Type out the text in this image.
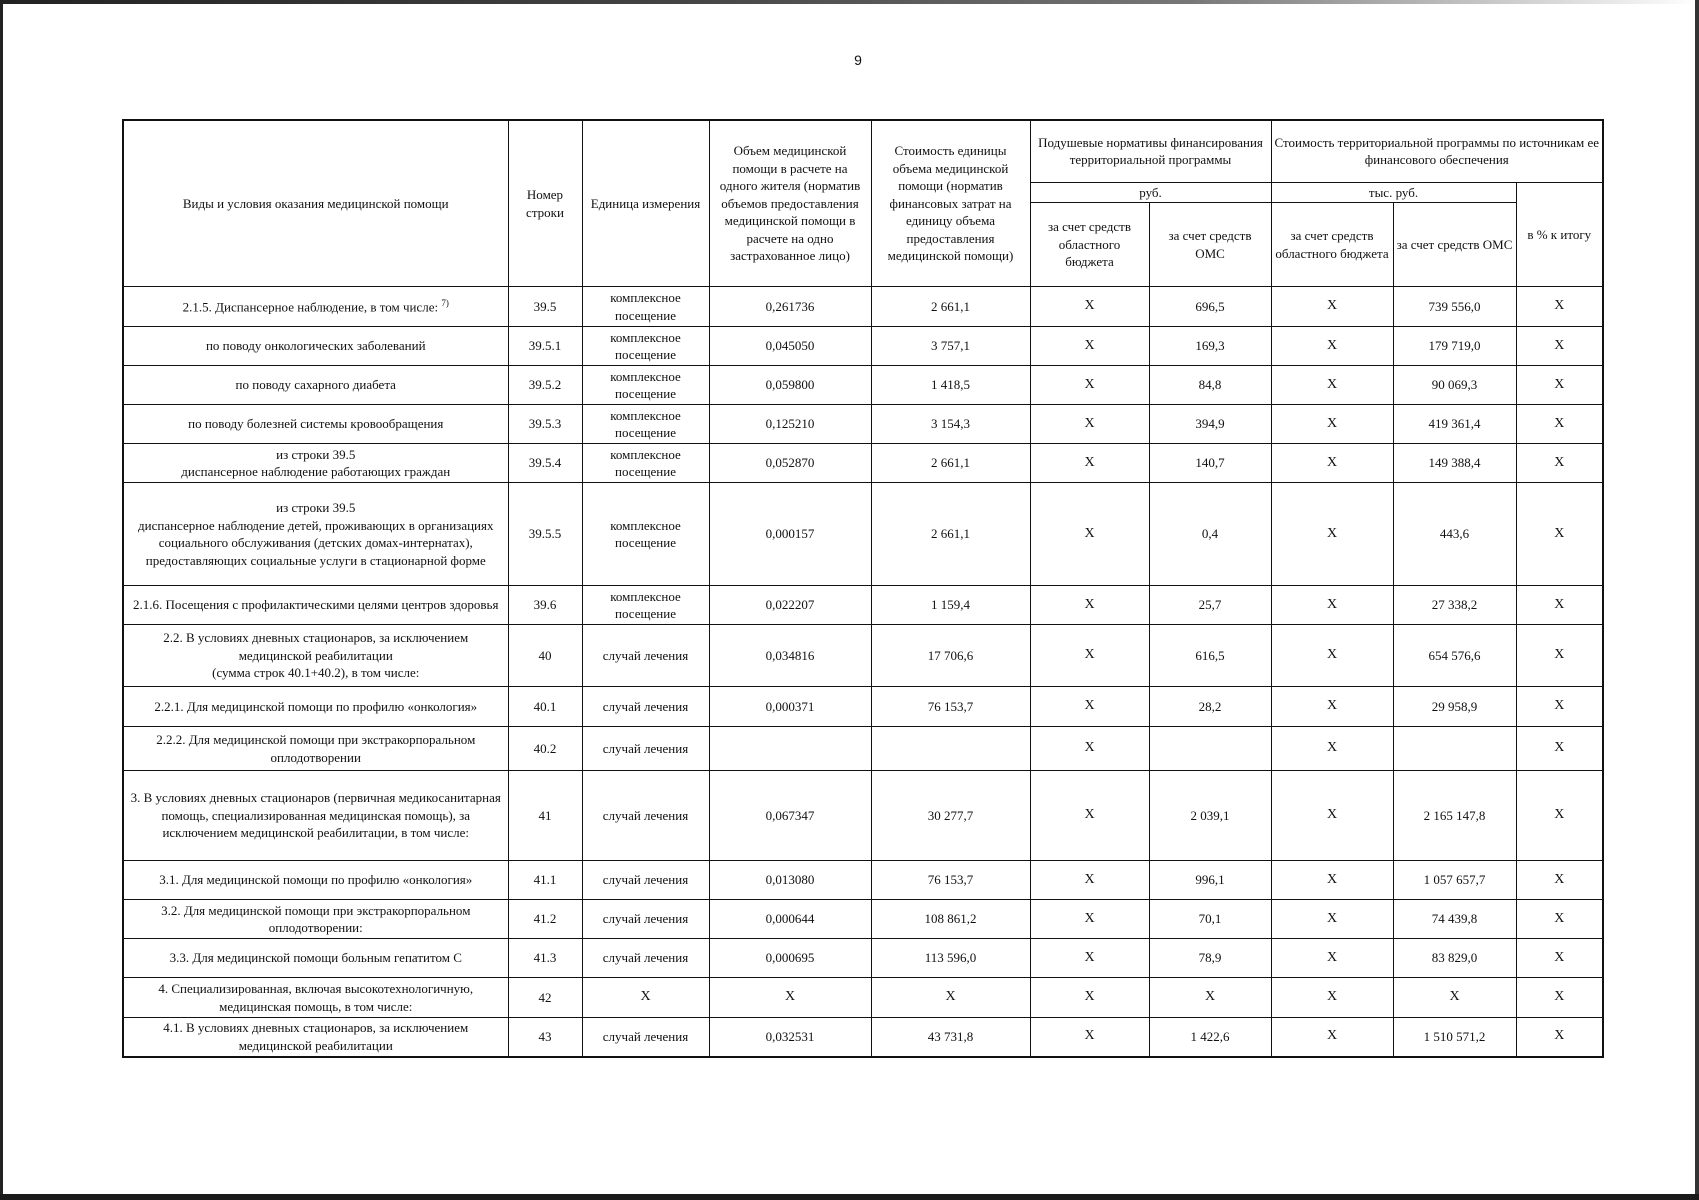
9
Виды и условия оказания медицинской помощи	Номер строки	Единица измерения	Объем медицинской помощи в расчете на одного жителя (норматив объемов предоставления медицинской помощи в расчете на одно застрахованное лицо)	Стоимость единицы объема медицинской помощи (норматив финансовых затрат на единицу объема предоставления медицинской помощи)	Подушевые нормативы финансирования территориальной программы		Стоимость территориальной программы по источникам ее финансового обеспечения		
					руб.		тыс. руб.		в % к итогу
					за счет средств областного бюджета	за счет средств ОМС	за счет средств областного бюджета	за счет средств ОМС	
2.1.5. Диспансерное наблюдение, в том числе: $^{7)}$	39.5	комплексное посещение	0,261736	2 661,1	X	696,5	X	739 556,0	X
по поводу онкологических заболеваний	39.5.1	комплексное посещение	0,045050	3 757,1	X	169,3	X	179 719,0	X
по поводу сахарного диабета	39.5.2	комплексное посещение	0,059800	1 418,5	X	84,8	X	90 069,3	X
по поводу болезней системы кровообращения	39.5.3	комплексное посещение	0,125210	3 154,3	X	394,9	X	419 361,4	X
из строки 39.5
диспансерное наблюдение работающих граждан	39.5.4	комплексное посещение	0,052870	2 661,1	X	140,7	X	149 388,4	X
из строки 39.5
диспансерное наблюдение детей, проживающих в организациях социального обслуживания (детских домах-интернатах), предоставляющих социальные услуги в стационарной форме	39.5.5	комплексное посещение	0,000157	2 661,1	X	0,4	X	443,6	X
2.1.6. Посещения с профилактическими целями центров здоровья	39.6	комплексное посещение	0,022207	1 159,4	X	25,7	X	27 338,2	X
2.2. В условиях дневных стационаров, за исключением медицинской реабилитации
(сумма строк 40.1+40.2), в том числе:	40	случай лечения	0,034816	17 706,6	X	616,5	X	654 576,6	X
2.2.1. Для медицинской помощи по профилю «онкология»	40.1	случай лечения	0,000371	76 153,7	X	28,2	X	29 958,9	X
2.2.2. Для медицинской помощи при экстракорпоральном оплодотворении	40.2	случай лечения			X		X		X
3. В условиях дневных стационаров (первичная медикосанитарная помощь, специализированная медицинская помощь), за исключением медицинской реабилитации, в том числе:	41	случай лечения	0,067347	30 277,7	X	2 039,1	X	2 165 147,8	X
3.1. Для медицинской помощи по профилю «онкология»	41.1	случай лечения	0,013080	76 153,7	X	996,1	X	1 057 657,7	X
3.2. Для медицинской помощи при экстракорпоральном оплодотворении:	41.2	случай лечения	0,000644	108 861,2	X	70,1	X	74 439,8	X
3.3. Для медицинской помощи больным гепатитом С	41.3	случай лечения	0,000695	113 596,0	X	78,9	X	83 829,0	X
4. Специализированная, включая высокотехнологичную, медицинская помощь, в том числе:	42	X	X	X	X	X	X	X	X
4.1. В условиях дневных стационаров, за исключением медицинской реабилитации	43	случай лечения	0,032531	43 731,8	X	1 422,6	X	1 510 571,2	X
